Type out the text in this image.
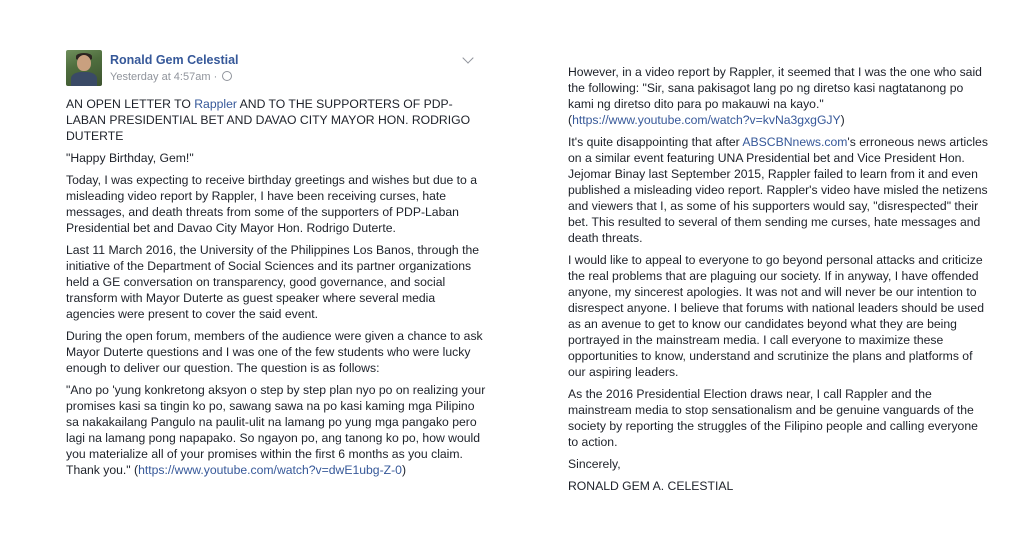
Ronald Gem Celestial
Yesterday at 4:57am ·

AN OPEN LETTER TO Rappler AND TO THE SUPPORTERS OF PDP-LABAN PRESIDENTIAL BET AND DAVAO CITY MAYOR HON. RODRIGO DUTERTE

"Happy Birthday, Gem!"

Today, I was expecting to receive birthday greetings and wishes but due to a misleading video report by Rappler, I have been receiving curses, hate messages, and death threats from some of the supporters of PDP-Laban Presidential bet and Davao City Mayor Hon. Rodrigo Duterte.

Last 11 March 2016, the University of the Philippines Los Banos, through the initiative of the Department of Social Sciences and its partner organizations held a GE conversation on transparency, good governance, and social transform with Mayor Duterte as guest speaker where several media agencies were present to cover the said event.

During the open forum, members of the audience were given a chance to ask Mayor Duterte questions and I was one of the few students who were lucky enough to deliver our question. The question is as follows:

"Ano po 'yung konkretong aksyon o step by step plan nyo po on realizing your promises kasi sa tingin ko po, sawang sawa na po kasi kaming mga Pilipino sa nakakailang Pangulo na paulit-ulit na lamang po yung mga pangako pero lagi na lamang pong napapako. So ngayon po, ang tanong ko po, how would you materialize all of your promises within the first 6 months as you claim. Thank you." (https://www.youtube.com/watch?v=dwE1ubg-Z-0)

However, in a video report by Rappler, it seemed that I was the one who said the following: "Sir, sana pakisagot lang po ng diretso kasi nagtatanong po kami ng diretso dito para po makauwi na kayo." (https://www.youtube.com/watch?v=kvNa3gxgGJY)

It's quite disappointing that after ABSCBNnews.com's erroneous news articles on a similar event featuring UNA Presidential bet and Vice President Hon. Jejomar Binay last September 2015, Rappler failed to learn from it and even published a misleading video report. Rappler's video have misled the netizens and viewers that I, as some of his supporters would say, "disrespected" their bet. This resulted to several of them sending me curses, hate messages and death threats.

I would like to appeal to everyone to go beyond personal attacks and criticize the real problems that are plaguing our society. If in anyway, I have offended anyone, my sincerest apologies. It was not and will never be our intention to disrespect anyone. I believe that forums with national leaders should be used as an avenue to get to know our candidates beyond what they are being portrayed in the mainstream media. I call everyone to maximize these opportunities to know, understand and scrutinize the plans and platforms of our aspiring leaders.

As the 2016 Presidential Election draws near, I call Rappler and the mainstream media to stop sensationalism and be genuine vanguards of the society by reporting the struggles of the Filipino people and calling everyone to action.

Sincerely,

RONALD GEM A. CELESTIAL
